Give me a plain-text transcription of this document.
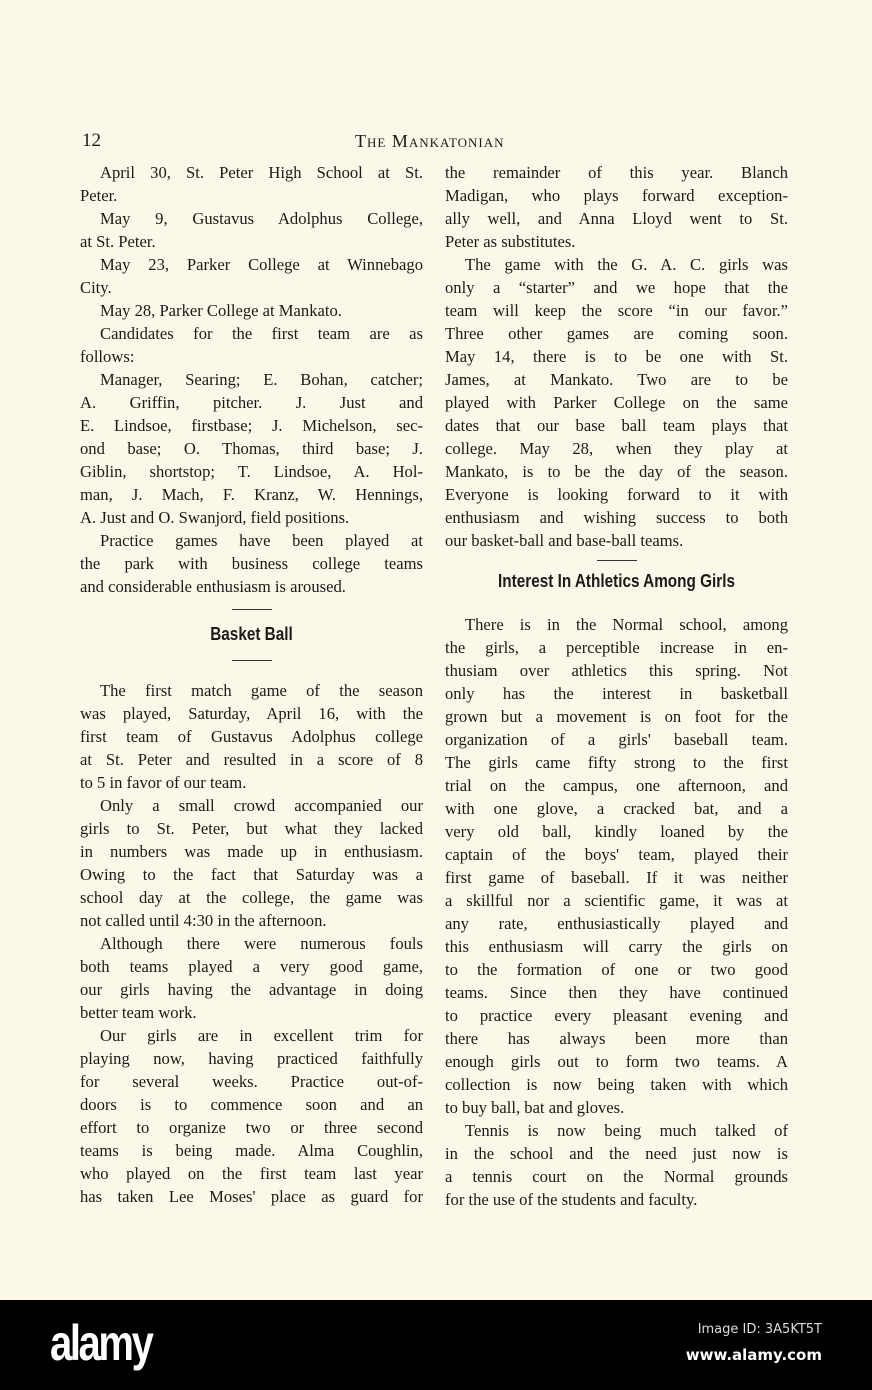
12	The Mankatonian
April 30, St. Peter High School at St.
Peter.
May 9, Gustavus Adolphus College,
at St. Peter.
May 23, Parker College at Winnebago
City.
May 28, Parker College at Mankato.
Candidates for the first team are as
follows:
Manager, Searing; E. Bohan, catcher;
A. Griffin, pitcher. J. Just and
E. Lindsoe, firstbase; J. Michelson, sec-
ond base; O. Thomas, third base; J.
Giblin, shortstop; T. Lindsoe, A. Hol-
man, J. Mach, F. Kranz, W. Hennings,
A. Just and O. Swanjord, field positions.
Practice games have been played at
the park with business college teams
and considerable enthusiasm is aroused.
Basket Ball
The first match game of the season
was played, Saturday, April 16, with the
first team of Gustavus Adolphus college
at St. Peter and resulted in a score of 8
to 5 in favor of our team.
Only a small crowd accompanied our
girls to St. Peter, but what they lacked
in numbers was made up in enthusiasm.
Owing to the fact that Saturday was a
school day at the college, the game was
not called until 4:30 in the afternoon.
Although there were numerous fouls
both teams played a very good game,
our girls having the advantage in doing
better team work.
Our girls are in excellent trim for
playing now, having practiced faithfully
for several weeks. Practice out-of-
doors is to commence soon and an
effort to organize two or three second
teams is being made. Alma Coughlin,
who played on the first team last year
has taken Lee Moses' place as guard for
the remainder of this year. Blanch
Madigan, who plays forward exception-
ally well, and Anna Lloyd went to St.
Peter as substitutes.
The game with the G. A. C. girls was
only a “starter” and we hope that the
team will keep the score “in our favor.”
Three other games are coming soon.
May 14, there is to be one with St.
James, at Mankato. Two are to be
played with Parker College on the same
dates that our base ball team plays that
college. May 28, when they play at
Mankato, is to be the day of the season.
Everyone is looking forward to it with
enthusiasm and wishing success to both
our basket-ball and base-ball teams.
Interest In Athletics Among Girls
There is in the Normal school, among
the girls, a perceptible increase in en-
thusiam over athletics this spring. Not
only has the interest in basketball
grown but a movement is on foot for the
organization of a girls' baseball team.
The girls came fifty strong to the first
trial on the campus, one afternoon, and
with one glove, a cracked bat, and a
very old ball, kindly loaned by the
captain of the boys' team, played their
first game of baseball. If it was neither
a skillful nor a scientific game, it was at
any rate, enthusiastically played and
this enthusiasm will carry the girls on
to the formation of one or two good
teams. Since then they have continued
to practice every pleasant evening and
there has always been more than
enough girls out to form two teams. A
collection is now being taken with which
to buy ball, bat and gloves.
Tennis is now being much talked of
in the school and the need just now is
a tennis court on the Normal grounds
for the use of the students and faculty.
alamy	Image ID: 3A5KT5T
www.alamy.com
